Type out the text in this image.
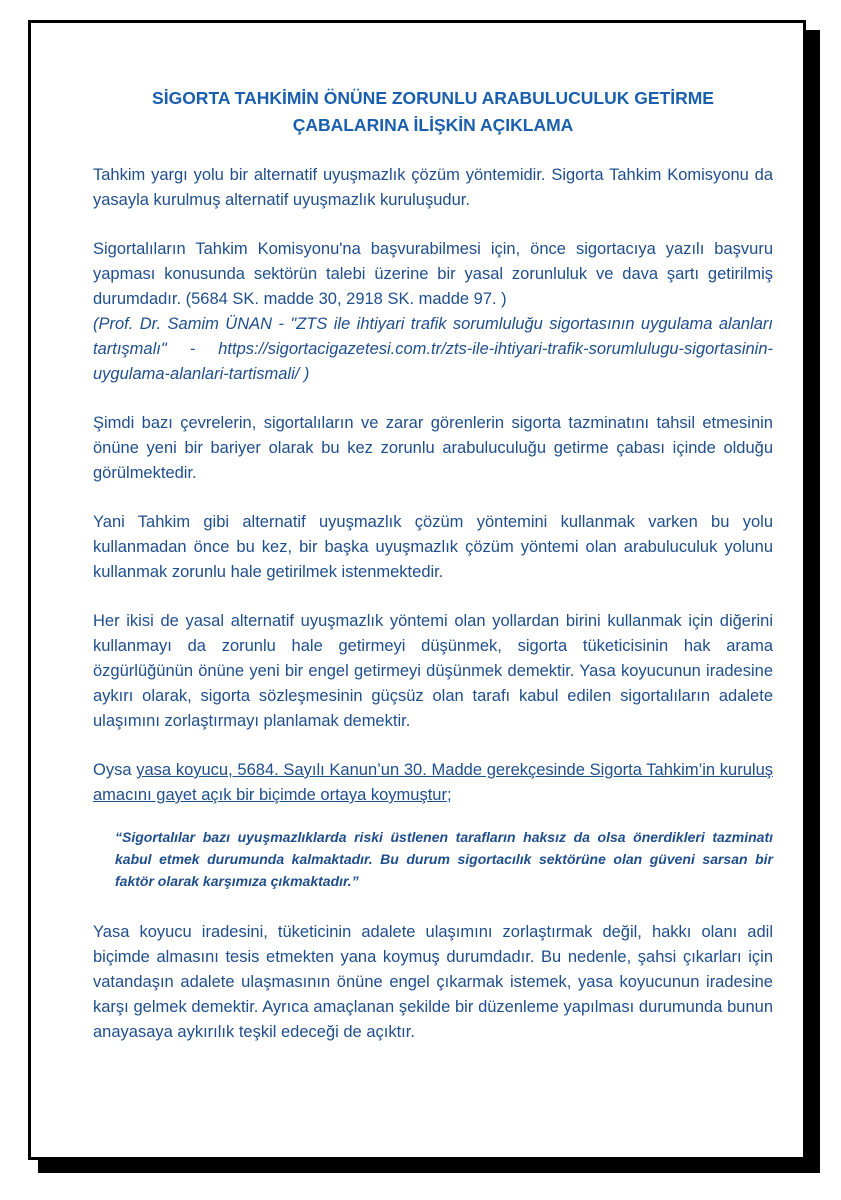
SİGORTA TAHKİMİN ÖNÜNE ZORUNLU ARABULUCULUK GETİRME
ÇABALARINA İLİŞKİN AÇIKLAMA

Tahkim yargı yolu bir alternatif uyuşmazlık çözüm yöntemidir. Sigorta Tahkim Komisyonu da yasayla kurulmuş alternatif uyuşmazlık kuruluşudur.

Sigortalıların Tahkim Komisyonu'na başvurabilmesi için, önce sigortacıya yazılı başvuru yapması konusunda sektörün talebi üzerine bir yasal zorunluluk ve dava şartı getirilmiş durumdadır. (5684 SK. madde 30, 2918 SK. madde 97. )

(Prof. Dr. Samim ÜNAN - "ZTS ile ihtiyari trafik sorumluluğu sigortasının uygulama alanları tartışmalı" - https://sigortacigazetesi.com.tr/zts-ile-ihtiyari-trafik-sorumlulugu-sigortasinin-uygulama-alanlari-tartismali/ )

Şimdi bazı çevrelerin, sigortalıların ve zarar görenlerin sigorta tazminatını tahsil etmesinin önüne yeni bir bariyer olarak bu kez zorunlu arabuluculuğu getirme çabası içinde olduğu görülmektedir.

Yani Tahkim gibi alternatif uyuşmazlık çözüm yöntemini kullanmak varken bu yolu kullanmadan önce bu kez, bir başka uyuşmazlık çözüm yöntemi olan arabuluculuk yolunu kullanmak zorunlu hale getirilmek istenmektedir.

Her ikisi de yasal alternatif uyuşmazlık yöntemi olan yollardan birini kullanmak için diğerini kullanmayı da zorunlu hale getirmeyi düşünmek, sigorta tüketicisinin hak arama özgürlüğünün önüne yeni bir engel getirmeyi düşünmek demektir. Yasa koyucunun iradesine aykırı olarak, sigorta sözleşmesinin güçsüz olan tarafı kabul edilen sigortalıların adalete ulaşımını zorlaştırmayı planlamak demektir.

Oysa yasa koyucu, 5684. Sayılı Kanun’un 30. Madde gerekçesinde Sigorta Tahkim’in kuruluş amacını gayet açık bir biçimde ortaya koymuştur;

“Sigortalılar bazı uyuşmazlıklarda riski üstlenen tarafların haksız da olsa önerdikleri tazminatı kabul etmek durumunda kalmaktadır. Bu durum sigortacılık sektörüne olan güveni sarsan bir faktör olarak karşımıza çıkmaktadır.”

Yasa koyucu iradesini, tüketicinin adalete ulaşımını zorlaştırmak değil, hakkı olanı adil biçimde almasını tesis etmekten yana koymuş durumdadır. Bu nedenle, şahsi çıkarları için vatandaşın adalete ulaşmasının önüne engel çıkarmak istemek, yasa koyucunun iradesine karşı gelmek demektir. Ayrıca amaçlanan şekilde bir düzenleme yapılması durumunda bunun anayasaya aykırılık teşkil edeceği de açıktır.
